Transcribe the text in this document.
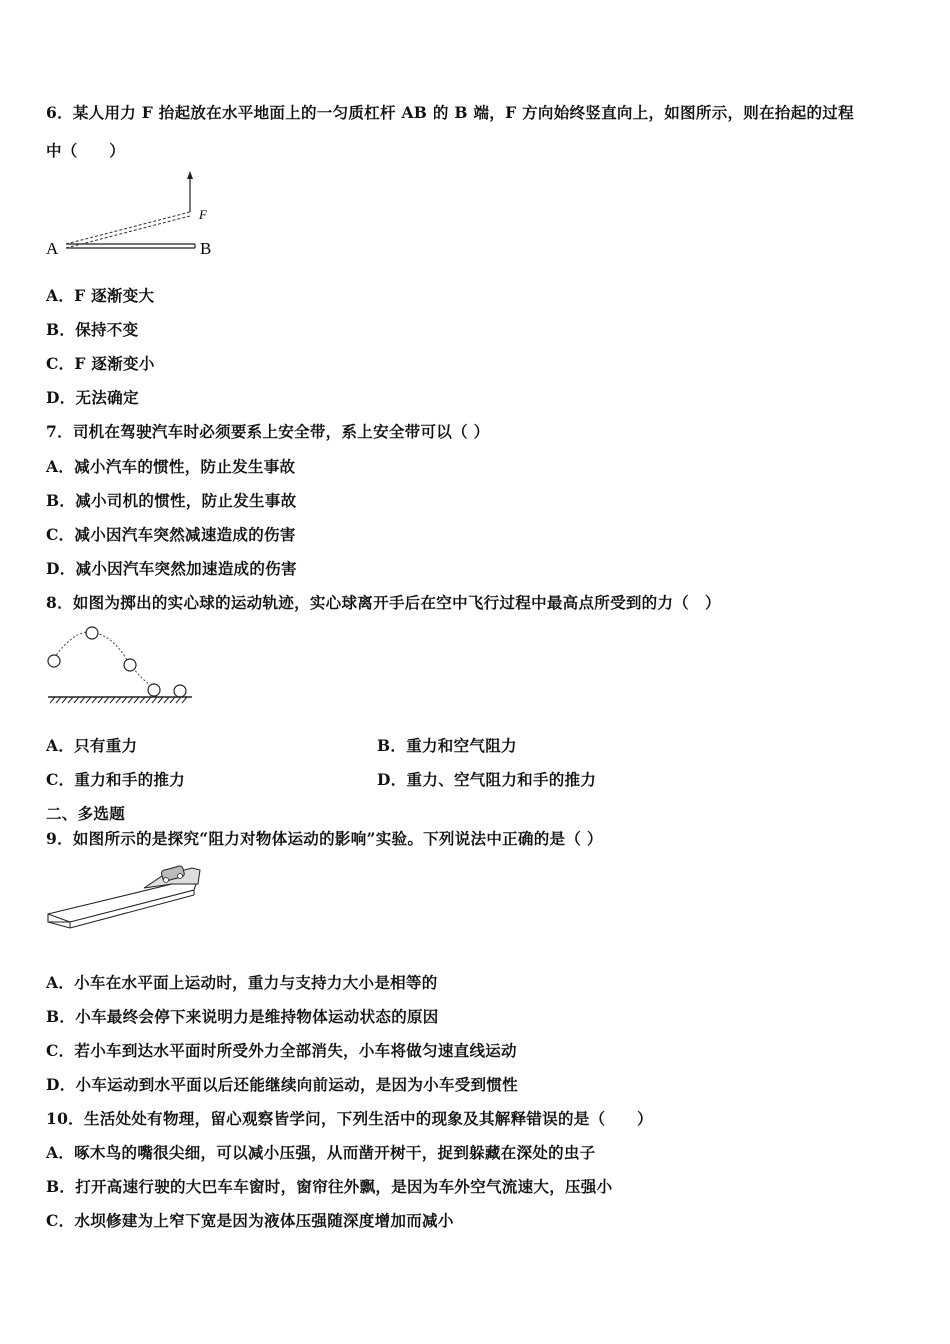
6．某人用力 F 抬起放在水平地面上的一匀质杠杆 AB 的 B 端，F 方向始终竖直向上，如图所示，则在抬起的过程
中（　　）
A	B
F
A．F 逐渐变大
B．保持不变
C．F 逐渐变小
D．无法确定
7．司机在驾驶汽车时必须要系上安全带，系上安全带可以（ ）
A．减小汽车的惯性，防止发生事故
B．减小司机的惯性，防止发生事故
C．减小因汽车突然减速造成的伤害
D．减小因汽车突然加速造成的伤害
8．如图为掷出的实心球的运动轨迹，实心球离开手后在空中飞行过程中最高点所受到的力（　）
A．只有重力	B．重力和空气阻力
C．重力和手的推力	D．重力、空气阻力和手的推力
二、多选题
9．如图所示的是探究“阻力对物体运动的影响”实验。下列说法中正确的是（ ）
A．小车在水平面上运动时，重力与支持力大小是相等的
B．小车最终会停下来说明力是维持物体运动状态的原因
C．若小车到达水平面时所受外力全部消失，小车将做匀速直线运动
D．小车运动到水平面以后还能继续向前运动，是因为小车受到惯性
10．生活处处有物理，留心观察皆学问，下列生活中的现象及其解释错误的是（　　）
A．啄木鸟的嘴很尖细，可以减小压强，从而凿开树干，捉到躲藏在深处的虫子
B．打开高速行驶的大巴车车窗时，窗帘往外飘，是因为车外空气流速大，压强小
C．水坝修建为上窄下宽是因为液体压强随深度增加而减小
